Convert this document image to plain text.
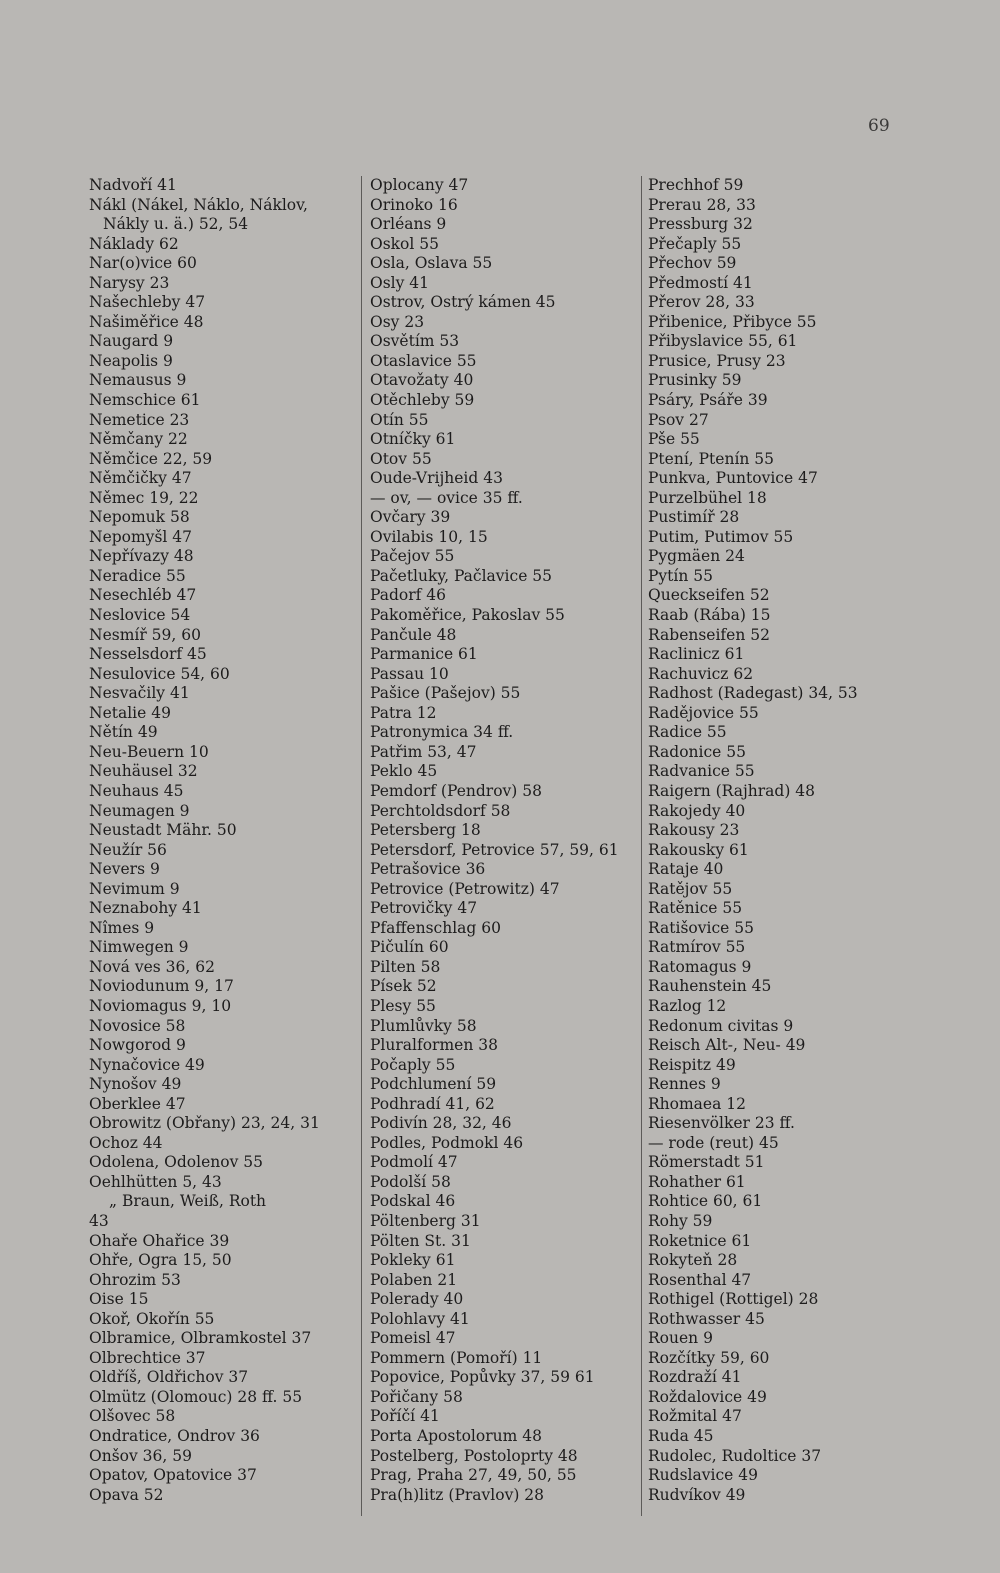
69
Nadvoří 41
Nákl (Nákel, Náklo, Náklov,
Nákly u. ä.) 52, 54
Náklady 62
Nar(o)vice 60
Narysy 23
Našechleby 47
Našiměřice 48
Naugard 9
Neapolis 9
Nemausus 9
Nemschice 61
Nemetice 23
Němčany 22
Němčice 22, 59
Němčičky 47
Němec 19, 22
Nepomuk 58
Nepomyšl 47
Nepřívazy 48
Neradice 55
Nesechléb 47
Neslovice 54
Nesmíř 59, 60
Nesselsdorf 45
Nesulovice 54, 60
Nesvačily 41
Netalie 49
Nětín 49
Neu-Beuern 10
Neuhäusel 32
Neuhaus 45
Neumagen 9
Neustadt Mähr. 50
Neužír 56
Nevers 9
Nevimum 9
Neznabohy 41
Nîmes 9
Nimwegen 9
Nová ves 36, 62
Noviodunum 9, 17
Noviomagus 9, 10
Novosice 58
Nowgorod 9
Nynačovice 49
Nynošov 49
Oberklee 47
Obrowitz (Obřany) 23, 24, 31
Ochoz 44
Odolena, Odolenov 55
Oehlhütten 5, 43
„ Braun, Weiß, Roth
43
Ohaře Ohařice 39
Ohře, Ogra 15, 50
Ohrozim 53
Oise 15
Okoř, Okořín 55
Olbramice, Olbramkostel 37
Olbrechtice 37
Oldříš, Oldřichov 37
Olmütz (Olomouc) 28 ff. 55
Olšovec 58
Ondratice, Ondrov 36
Onšov 36, 59
Opatov, Opatovice 37
Opava 52
Oplocany 47
Orinoko 16
Orléans 9
Oskol 55
Osla, Oslava 55
Osly 41
Ostrov, Ostrý kámen 45
Osy 23
Osvětím 53
Otaslavice 55
Otavožaty 40
Otěchleby 59
Otín 55
Otníčky 61
Otov 55
Oude-Vrijheid 43
— ov, — ovice 35 ff.
Ovčary 39
Ovilabis 10, 15
Pačejov 55
Pačetluky, Pačlavice 55
Padorf 46
Pakoměřice, Pakoslav 55
Pančule 48
Parmanice 61
Passau 10
Pašice (Pašejov) 55
Patra 12
Patronymica 34 ff.
Patřim 53, 47
Peklo 45
Pemdorf (Pendrov) 58
Perchtoldsdorf 58
Petersberg 18
Petersdorf, Petrovice 57, 59, 61
Petrašovice 36
Petrovice (Petrowitz) 47
Petrovičky 47
Pfaffenschlag 60
Pičulín 60
Pilten 58
Písek 52
Plesy 55
Plumlůvky 58
Pluralformen 38
Počaply 55
Podchlumení 59
Podhradí 41, 62
Podivín 28, 32, 46
Podles, Podmokl 46
Podmolí 47
Podolší 58
Podskal 46
Pöltenberg 31
Pölten St. 31
Pokleky 61
Polaben 21
Polerady 40
Polohlavy 41
Pomeisl 47
Pommern (Pomoří) 11
Popovice, Popůvky 37, 59 61
Pořičany 58
Poříčí 41
Porta Apostolorum 48
Postelberg, Postoloprty 48
Prag, Praha 27, 49, 50, 55
Pra(h)litz (Pravlov) 28
Prechhof 59
Prerau 28, 33
Pressburg 32
Přečaply 55
Přechov 59
Předmostí 41
Přerov 28, 33
Přibenice, Přibyce 55
Přibyslavice 55, 61
Prusice, Prusy 23
Prusinky 59
Psáry, Psáře 39
Psov 27
Pše 55
Ptení, Ptenín 55
Punkva, Puntovice 47
Purzelbühel 18
Pustimíř 28
Putim, Putimov 55
Pygmäen 24
Pytín 55
Queckseifen 52
Raab (Rába) 15
Rabenseifen 52
Raclinicz 61
Rachuvicz 62
Radhost (Radegast) 34, 53
Radějovice 55
Radice 55
Radonice 55
Radvanice 55
Raigern (Rajhrad) 48
Rakojedy 40
Rakousy 23
Rakousky 61
Rataje 40
Ratějov 55
Ratěnice 55
Ratišovice 55
Ratmírov 55
Ratomagus 9
Rauhenstein 45
Razlog 12
Redonum civitas 9
Reisch Alt-, Neu- 49
Reispitz 49
Rennes 9
Rhomaea 12
Riesenvölker 23 ff.
— rode (reut) 45
Römerstadt 51
Rohather 61
Rohtice 60, 61
Rohy 59
Roketnice 61
Rokyteň 28
Rosenthal 47
Rothigel (Rottigel) 28
Rothwasser 45
Rouen 9
Rozčítky 59, 60
Rozdraží 41
Roždalovice 49
Rožmital 47
Ruda 45
Rudolec, Rudoltice 37
Rudslavice 49
Rudvíkov 49
